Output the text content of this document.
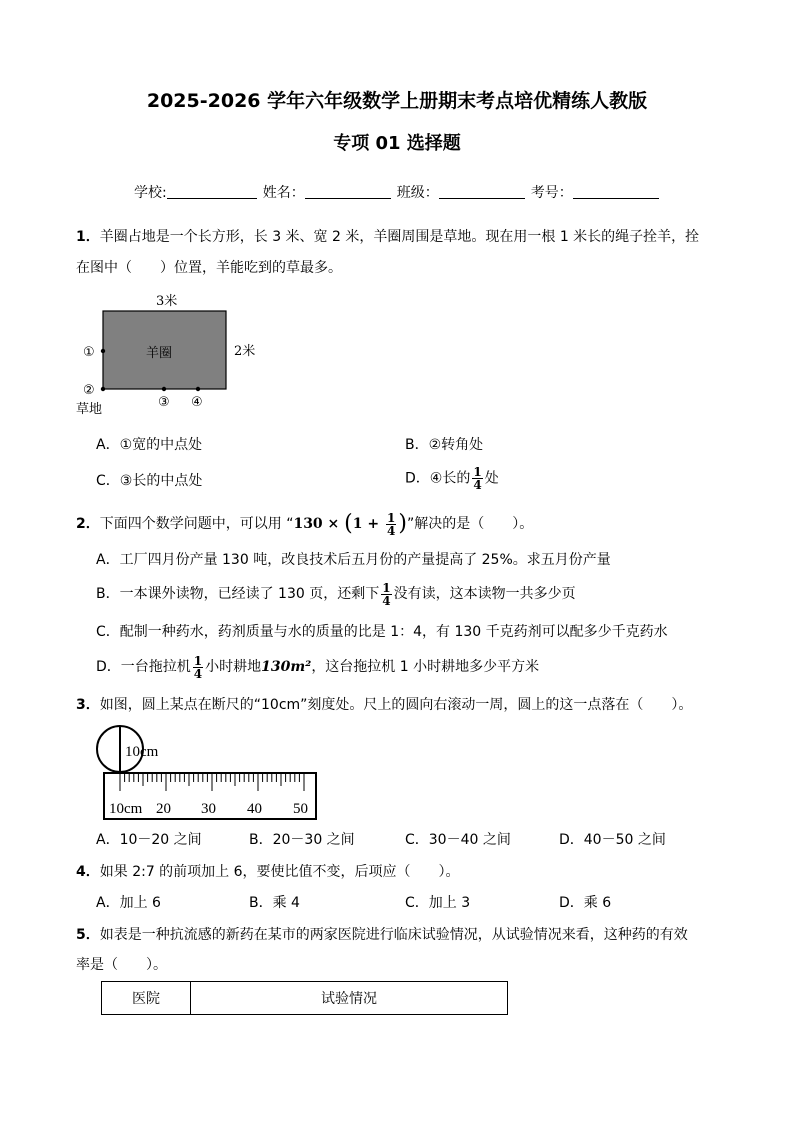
2025-2026 学年六年级数学上册期末考点培优精练人教版
专项 01 选择题
学校:	姓名：	班级：	考号：
1．羊圈占地是一个长方形，长 3 米、宽 2 米，羊圈周围是草地。现在用一根 1 米长的绳子拴羊，拴
在图中（　　）位置，羊能吃到的草最多。
3米
2米
羊圈
草地
①
②
③ ④
A．①宽的中点处	B．②转角处
C．③长的中点处	D．④长的 $\frac{1}{4}$ 处
2．下面四个数学问题中，可以用 “$130 \times (1 + \frac{1}{4}$ )”解决的是（　　）。
A．工厂四月份产量 130 吨，改良技术后五月份的产量提高了 25%。求五月份产量
B．一本课外读物，已经读了 130 页，还剩下 $\frac{1}{4}$ 没有读，这本读物一共多少页
C．配制一种药水，药剂质量与水的质量的比是 1：4，有 130 千克药剂可以配多少千克药水
D．一台拖拉机 $\frac{1}{4}$ 小时耕地130m²，这台拖拉机 1 小时耕地多少平方米
3．如图，圆上某点在断尺的“10cm”刻度处。尺上的圆向右滚动一周，圆上的这一点落在（　　）。
10cm
10cm 20 30 40 50
A．10－20 之间	B．20－30 之间	C．30－40 之间	D．40－50 之间
4．如果 2:7 的前项加上 6，要使比值不变，后项应（　　）。
A．加上 6	B．乘 4	C．加上 3	D．乘 6
5．如表是一种抗流感的新药在某市的两家医院进行临床试验情况，从试验情况来看，这种药的有效
率是（　　）。
医院	试验情况
